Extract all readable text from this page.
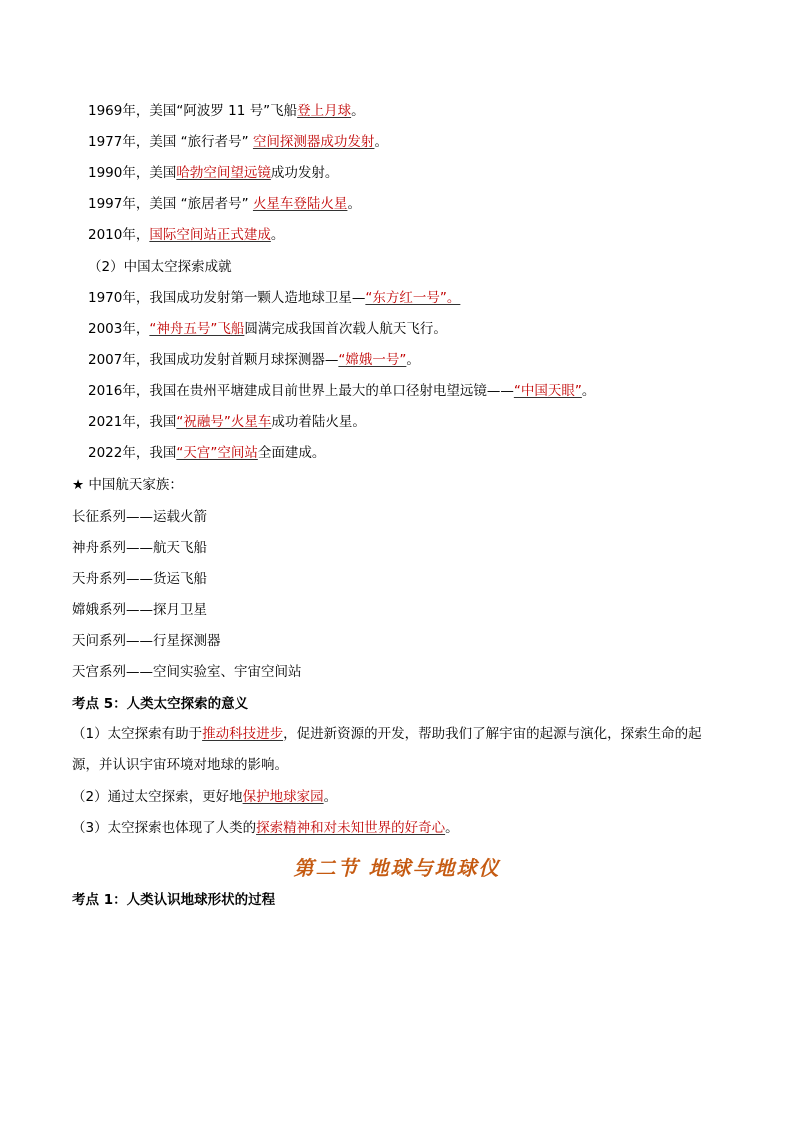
1969年，美国“阿波罗 11 号”飞船登上月球。
1977年，美国 “旅行者号” 空间探测器成功发射。
1990年，美国哈勃空间望远镜成功发射。
1997年，美国 “旅居者号” 火星车登陆火星。
2010年，国际空间站正式建成。
（2）中国太空探索成就
1970年，我国成功发射第一颗人造地球卫星—“东方红一号”。
2003年，“神舟五号”飞船圆满完成我国首次载人航天飞行。
2007年，我国成功发射首颗月球探测器—“嫦娥一号”。
2016年，我国在贵州平塘建成目前世界上最大的单口径射电望远镜——“中国天眼”。
2021年，我国“祝融号”火星车成功着陆火星。
2022年，我国“天宫”空间站全面建成。
★ 中国航天家族：
长征系列——运载火箭
神舟系列——航天飞船
天舟系列——货运飞船
嫦娥系列——探月卫星
天问系列——行星探测器
天宫系列——空间实验室、宇宙空间站
考点 5：人类太空探索的意义
（1）太空探索有助于推动科技进步，促进新资源的开发，帮助我们了解宇宙的起源与演化，探索生命的起源，并认识宇宙环境对地球的影响。
（2）通过太空探索，更好地保护地球家园。
（3）太空探索也体现了人类的探索精神和对未知世界的好奇心。
第二节 地球与地球仪
考点 1：人类认识地球形状的过程
